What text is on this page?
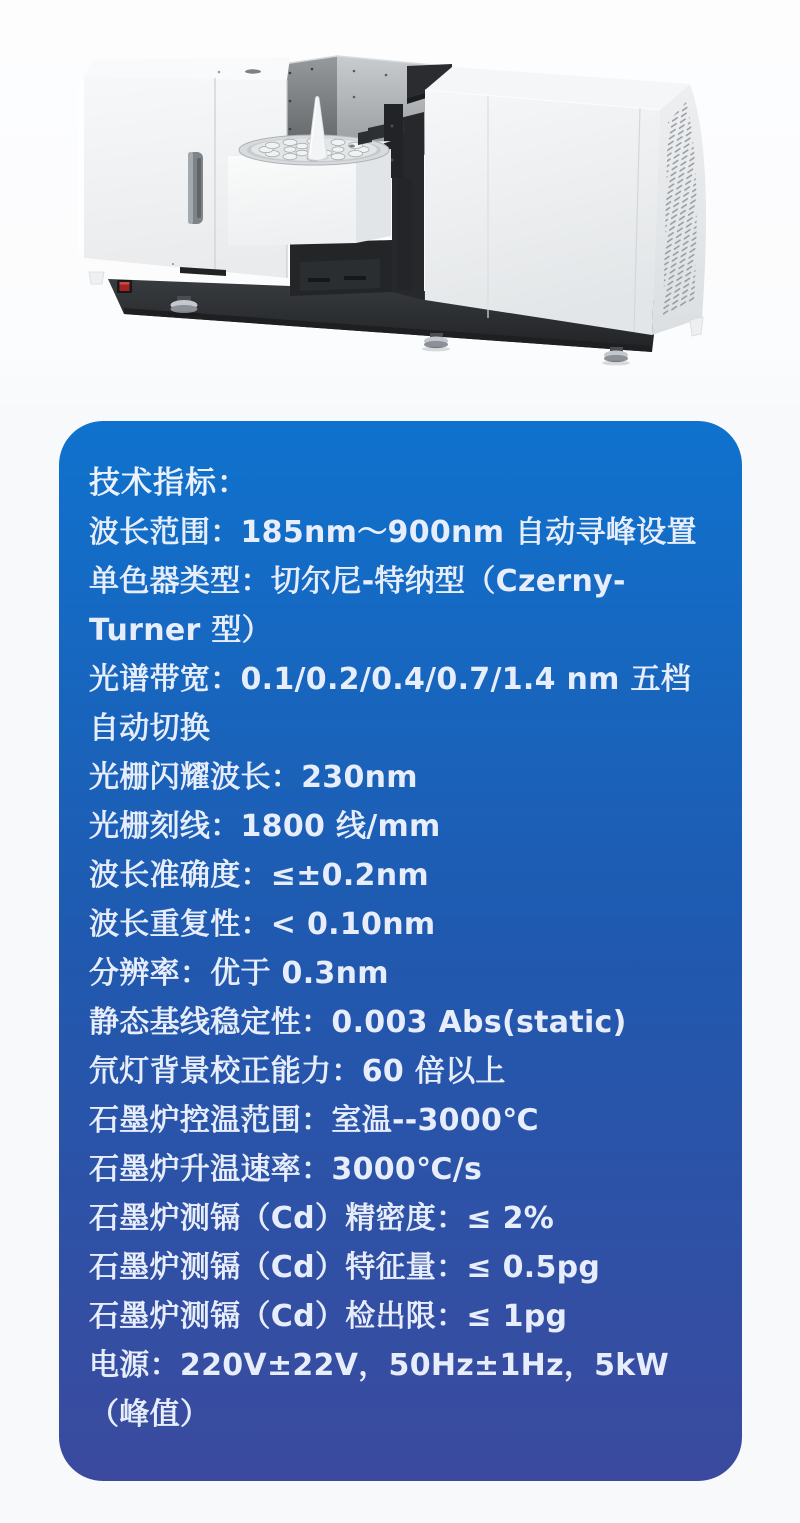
技术指标：
波长范围：185nm～900nm 自动寻峰设置
单色器类型：切尔尼-特纳型（Czerny-Turner 型）
光谱带宽：0.1/0.2/0.4/0.7/1.4 nm 五档自动切换
光栅闪耀波长：230nm
光栅刻线：1800 线/mm
波长准确度：≤±0.2nm
波长重复性：< 0.10nm
分辨率：优于 0.3nm
静态基线稳定性：0.003 Abs(static)
氘灯背景校正能力：60 倍以上
石墨炉控温范围：室温--3000℃
石墨炉升温速率：3000℃/s
石墨炉测镉（Cd）精密度：≤ 2%
石墨炉测镉（Cd）特征量：≤ 0.5pg
石墨炉测镉（Cd）检出限：≤ 1pg
电源：220V±22V，50Hz±1Hz，5kW（峰值）
